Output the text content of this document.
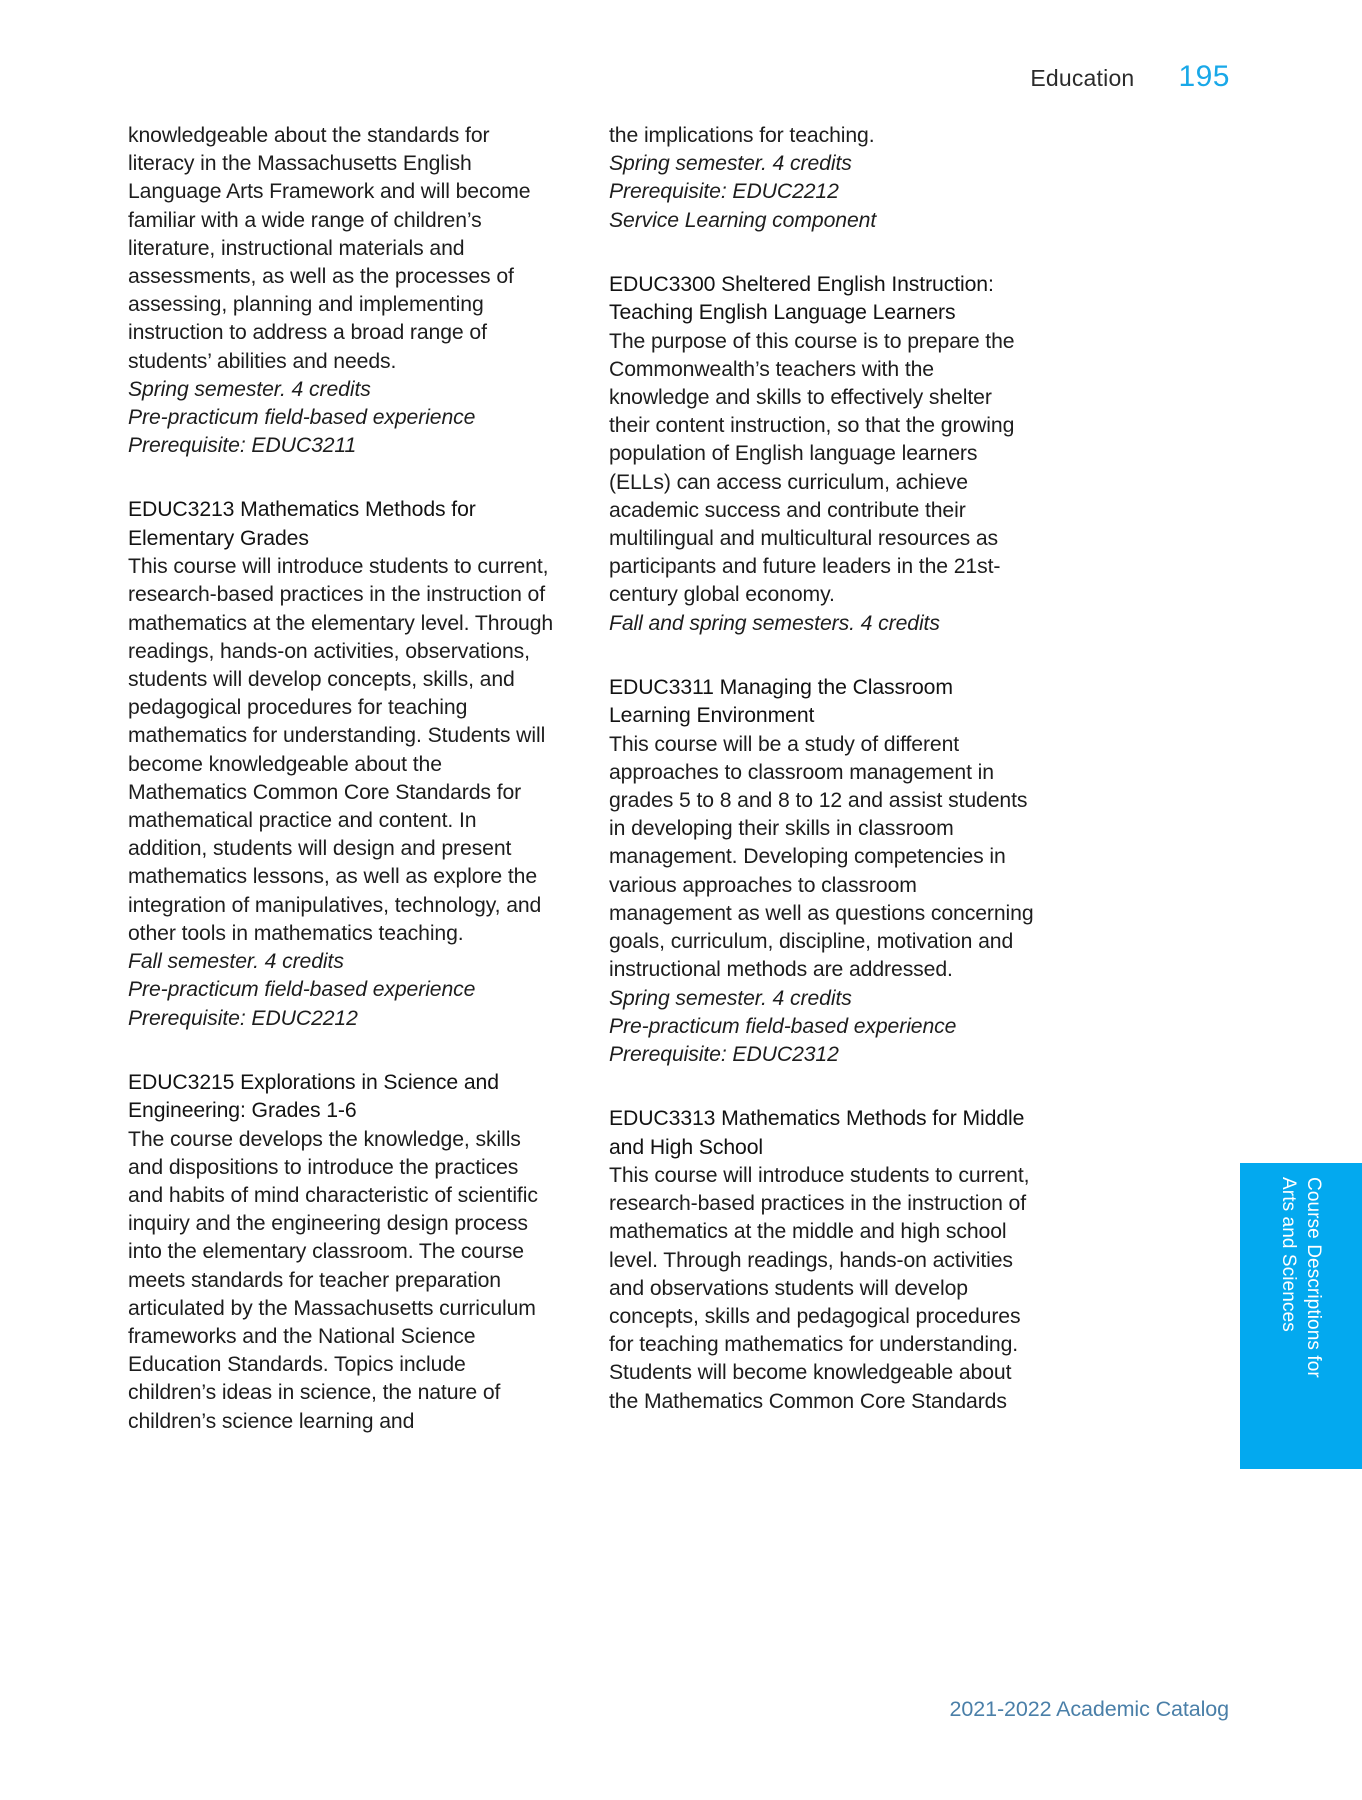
Education 195

knowledgeable about the standards for literacy in the Massachusetts English Language Arts Framework and will become familiar with a wide range of children’s literature, instructional materials and assessments, as well as the processes of assessing, planning and implementing instruction to address a broad range of students’ abilities and needs.

Spring semester. 4 credits

Pre-practicum field-based experience

Prerequisite: EDUC3211

EDUC3213 Mathematics Methods for Elementary Grades

This course will introduce students to current, research-based practices in the instruction of mathematics at the elementary level. Through readings, hands-on activities, observations, students will develop concepts, skills, and pedagogical procedures for teaching mathematics for understanding. Students will become knowledgeable about the Mathematics Common Core Standards for mathematical practice and content. In addition, students will design and present mathematics lessons, as well as explore the integration of manipulatives, technology, and other tools in mathematics teaching.

Fall semester. 4 credits

Pre-practicum field-based experience

Prerequisite: EDUC2212

EDUC3215 Explorations in Science and Engineering: Grades 1-6

The course develops the knowledge, skills and dispositions to introduce the practices and habits of mind characteristic of scientific inquiry and the engineering design process into the elementary classroom. The course meets standards for teacher preparation articulated by the Massachusetts curriculum frameworks and the National Science Education Standards. Topics include children’s ideas in science, the nature of children’s science learning and

the implications for teaching.

Spring semester. 4 credits

Prerequisite: EDUC2212

Service Learning component

EDUC3300 Sheltered English Instruction: Teaching English Language Learners

The purpose of this course is to prepare the Commonwealth’s teachers with the knowledge and skills to effectively shelter their content instruction, so that the growing population of English language learners (ELLs) can access curriculum, achieve academic success and contribute their multilingual and multicultural resources as participants and future leaders in the 21st-century global economy.

Fall and spring semesters. 4 credits

EDUC3311 Managing the Classroom Learning Environment

This course will be a study of different approaches to classroom management in grades 5 to 8 and 8 to 12 and assist students in developing their skills in classroom management. Developing competencies in various approaches to classroom management as well as questions concerning goals, curriculum, discipline, motivation and instructional methods are addressed.

Spring semester. 4 credits

Pre-practicum field-based experience

Prerequisite: EDUC2312

EDUC3313 Mathematics Methods for Middle and High School

This course will introduce students to current, research-based practices in the instruction of mathematics at the middle and high school level. Through readings, hands-on activities and observations students will develop concepts, skills and pedagogical procedures for teaching mathematics for understanding. Students will become knowledgeable about the Mathematics Common Core Standards

Course Descriptions for
Arts and Sciences
2021-2022 Academic Catalog
